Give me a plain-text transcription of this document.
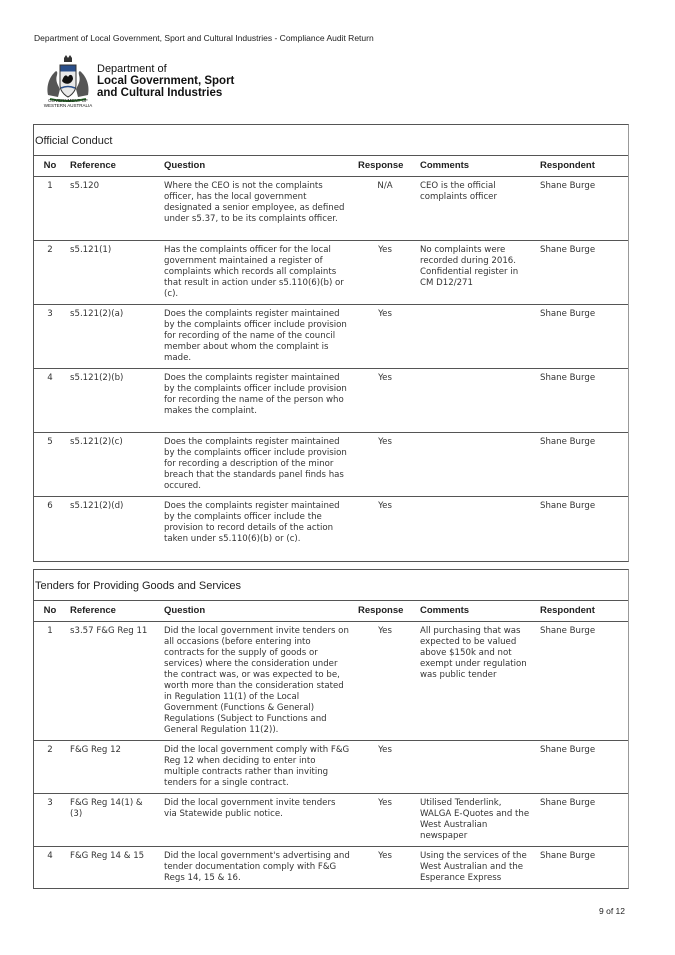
Department of Local Government, Sport and Cultural Industries - Compliance Audit Return
GOVERNMENT OF
WESTERN AUSTRALIA
Department of
Local Government, Sport
and Cultural Industries
Official Conduct
No	Reference	Question	Response	Comments	Respondent
1	s5.120	Where the CEO is not the complaints officer, has the local government designated a senior employee, as defined under s5.37, to be its complaints officer.	N/A	CEO is the official complaints officer	Shane Burge
2	s5.121(1)	Has the complaints officer for the local government maintained a register of complaints which records all complaints that result in action under s5.110(6)(b) or (c).	Yes	No complaints were recorded during 2016. Confidential register in CM D12/271	Shane Burge
3	s5.121(2)(a)	Does the complaints register maintained by the complaints officer include provision for recording of the name of the council member about whom the complaint is made.	Yes		Shane Burge
4	s5.121(2)(b)	Does the complaints register maintained by the complaints officer include provision for recording the name of the person who makes the complaint.	Yes		Shane Burge
5	s5.121(2)(c)	Does the complaints register maintained by the complaints officer include provision for recording a description of the minor breach that the standards panel finds has occured.	Yes		Shane Burge
6	s5.121(2)(d)	Does the complaints register maintained by the complaints officer include the provision to record details of the action taken under s5.110(6)(b) or (c).	Yes		Shane Burge
Tenders for Providing Goods and Services
No	Reference	Question	Response	Comments	Respondent
1	s3.57 F&G Reg 11	Did the local government invite tenders on all occasions (before entering into contracts for the supply of goods or services) where the consideration under the contract was, or was expected to be, worth more than the consideration stated in Regulation 11(1) of the Local Government (Functions & General) Regulations (Subject to Functions and General Regulation 11(2)).	Yes	All purchasing that was expected to be valued above $150k and not exempt under regulation was public tender	Shane Burge
2	F&G Reg 12	Did the local government comply with F&G Reg 12 when deciding to enter into multiple contracts rather than inviting tenders for a single contract.	Yes		Shane Burge
3	F&G Reg 14(1) & (3)	Did the local government invite tenders via Statewide public notice.	Yes	Utilised Tenderlink, WALGA E-Quotes and the West Australian newspaper	Shane Burge
4	F&G Reg 14 & 15	Did the local government's advertising and tender documentation comply with F&G Regs 14, 15 & 16.	Yes	Using the services of the West Australian and the Esperance Express	Shane Burge
9 of 12
